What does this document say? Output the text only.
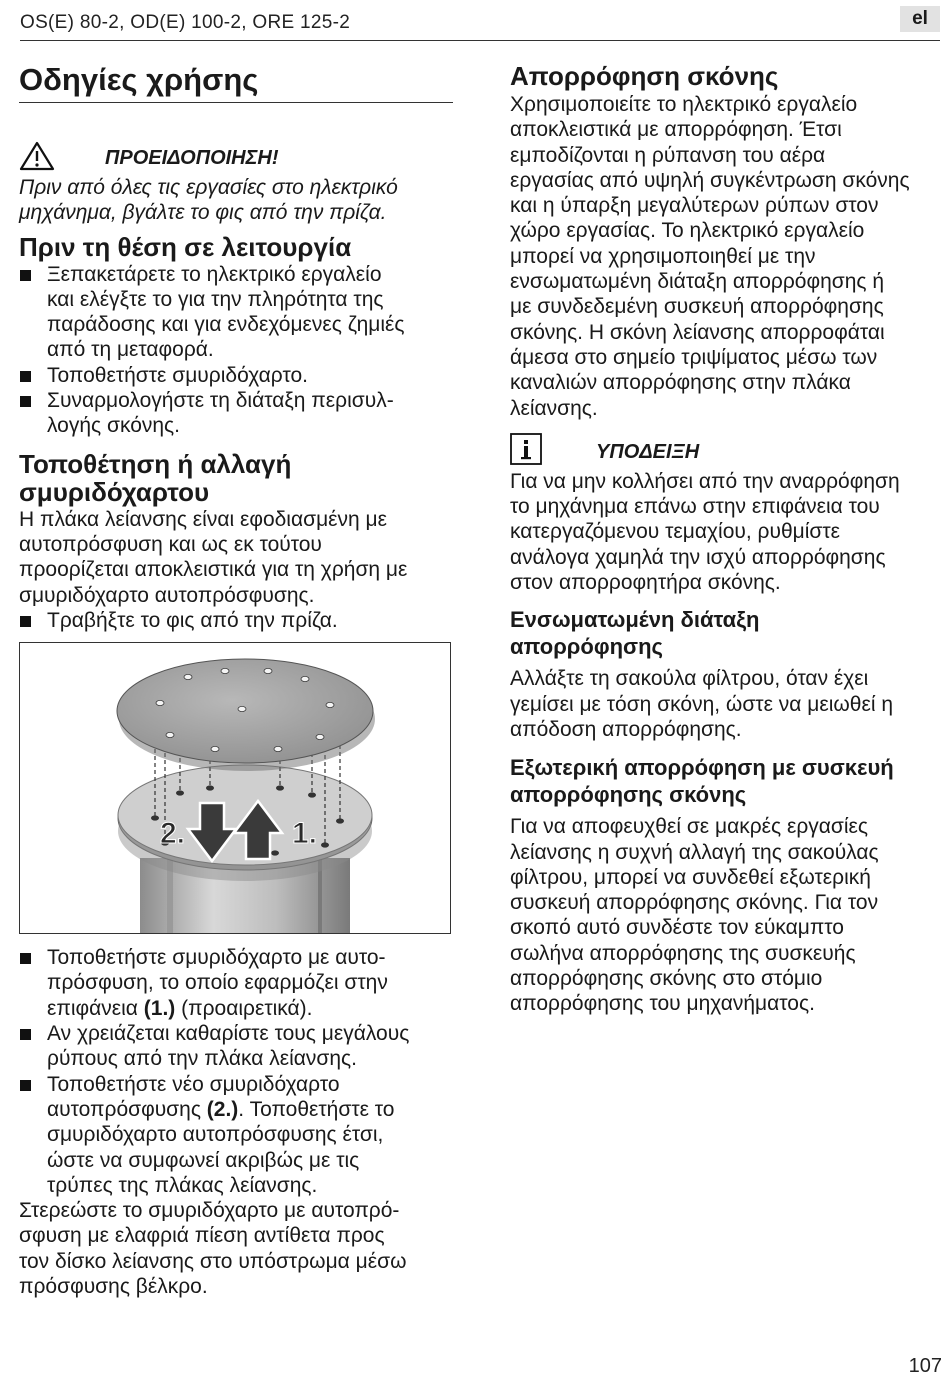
OS(E) 80-2, OD(E) 100-2, ORE 125-2	el
Οδηγίες χρήσης
ΠΡΟΕΙΔΟΠΟΙΗΣΗ!

Πριν από όλες τις εργασίες στο ηλεκτρικό

μηχάνημα, βγάλτε το φις από την πρίζα.

Πριν τη θέση σε λειτουργία
Ξεπακετάρετε το ηλεκτρικό εργαλείο
και ελέγξτε το για την πληρότητα της
παράδοσης και για ενδεχόμενες ζημιές
από τη μεταφορά.
Τοποθετήστε σμυριδόχαρτο.
Συναρμολογήστε τη διάταξη περισυλ-
λογής σκόνης.
Τοποθέτηση ή αλλαγή
σμυριδόχαρτου

Η πλάκα λείανσης είναι εφοδιασμένη με
αυτοπρόσφυση και ως εκ τούτου
προορίζεται αποκλειστικά για τη χρήση με
σμυριδόχαρτο αυτοπρόσφυσης.

Τραβήξτε το φις από την πρίζα.
2.	1.
Τοποθετήστε σμυριδόχαρτο με αυτο-
πρόσφυση, το οποίο εφαρμόζει στην
επιφάνεια (1.) (προαιρετικά).
Αν χρειάζεται καθαρίστε τους μεγάλους
ρύπους από την πλάκα λείανσης.
Τοποθετήστε νέο σμυριδόχαρτο
αυτοπρόσφυσης (2.). Τοποθετήστε το
σμυριδόχαρτο αυτοπρόσφυσης έτσι,
ώστε να συμφωνεί ακριβώς με τις
τρύπες της πλάκας λείανσης.

Στερεώστε το σμυριδόχαρτο με αυτοπρό-
σφυση με ελαφριά πίεση αντίθετα προς
τον δίσκο λείανσης στο υπόστρωμα μέσω
πρόσφυσης βέλκρο.

Απορρόφηση σκόνης

Χρησιμοποιείτε το ηλεκτρικό εργαλείο
αποκλειστικά με απορρόφηση. Έτσι
εμποδίζονται η ρύπανση του αέρα
εργασίας από υψηλή συγκέντρωση σκόνης
και η ύπαρξη μεγαλύτερων ρύπων στον
χώρο εργασίας. Το ηλεκτρικό εργαλείο
μπορεί να χρησιμοποιηθεί με την
ενσωματωμένη διάταξη απορρόφησης ή
με συνδεδεμένη συσκευή απορρόφησης
σκόνης. Η σκόνη λείανσης απορροφάται
άμεσα στο σημείο τριψίματος μέσω των
καναλιών απορρόφησης στην πλάκα
λείανσης.

ΥΠΟΔΕΙΞΗ

Για να μην κολλήσει από την αναρρόφηση
το μηχάνημα επάνω στην επιφάνεια του
κατεργαζόμενου τεμαχίου, ρυθμίστε
ανάλογα χαμηλά την ισχύ απορρόφησης
στον απορροφητήρα σκόνης.

Ενσωματωμένη διάταξη
απορρόφησης

Αλλάξτε τη σακούλα φίλτρου, όταν έχει
γεμίσει με τόση σκόνη, ώστε να μειωθεί η
απόδοση απορρόφησης.

Εξωτερική απορρόφηση με συσκευή
απορρόφησης σκόνης

Για να αποφευχθεί σε μακρές εργασίες
λείανσης η συχνή αλλαγή της σακούλας
φίλτρου, μπορεί να συνδεθεί εξωτερική
συσκευή απορρόφησης σκόνης. Για τον
σκοπό αυτό συνδέστε τον εύκαμπτο
σωλήνα απορρόφησης της συσκευής
απορρόφησης σκόνης στο στόμιο
απορρόφησης του μηχανήματος.

107
